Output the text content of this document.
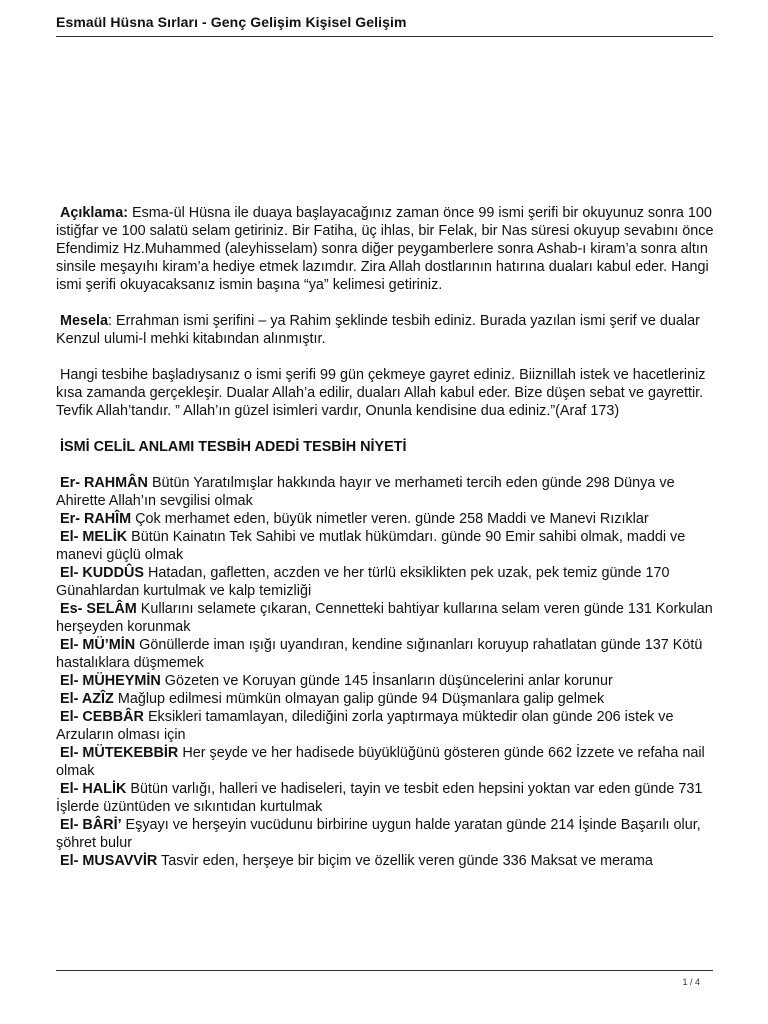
Esmaül Hüsna Sırları - Genç Gelişim Kişisel Gelişim

Açıklama: Esma-ül Hüsna ile duaya başlayacağınız zaman önce 99 ismi şerifi bir okuyunuz sonra 100 istiğfar ve 100 salatü selam getiriniz. Bir Fatiha, üç ihlas, bir Felak, bir Nas süresi okuyup sevabını önce Efendimiz Hz.Muhammed (aleyhisselam) sonra diğer peygamberlere sonra Ashab-ı kiram’a sonra altın sinsile meşayıhı kiram’a hediye etmek lazımdır. Zira Allah dostlarının hatırına duaları kabul eder. Hangi ismi şerifi okuyacaksanız ismin başına “ya” kelimesi getiriniz.

Mesela: Errahman ismi şerifini – ya Rahim şeklinde tesbih ediniz. Burada yazılan ismi şerif ve dualar Kenzul ulumi-l mehki kitabından alınmıştır.

Hangi tesbihe başladıysanız o ismi şerifi 99 gün çekmeye gayret ediniz. Biiznillah istek ve hacetleriniz kısa zamanda gerçekleşir. Dualar Allah’a edilir, duaları Allah kabul eder. Bize düşen sebat ve gayrettir. Tevfik Allah’tandır. ” Allah’ın güzel isimleri vardır, Onunla kendisine dua ediniz.”(Araf 173)

İSMİ CELİL ANLAMI TESBİH ADEDİ TESBİH NİYETİ

Er- RAHMÂN Bütün Yaratılmışlar hakkında hayır ve merhameti tercih eden günde 298 Dünya ve Ahirette Allah’ın sevgilisi olmak

Er- RAHÎM Çok merhamet eden, büyük nimetler veren. günde 258 Maddi ve Manevi Rızıklar

El- MELİK Bütün Kainatın Tek Sahibi ve mutlak hükümdarı. günde 90 Emir sahibi olmak, maddi ve manevi güçlü olmak

El- KUDDÛS Hatadan, gafletten, aczden ve her türlü eksiklikten pek uzak, pek temiz günde 170 Günahlardan kurtulmak ve kalp temizliği

Es- SELÂM Kullarını selamete çıkaran, Cennetteki bahtiyar kullarına selam veren günde 131 Korkulan herşeyden korunmak

El- MÜ’MİN Gönüllerde iman ışığı uyandıran, kendine sığınanları koruyup rahatlatan günde 137 Kötü hastalıklara düşmemek

El- MÜHEYMİN Gözeten ve Koruyan günde 145 İnsanların düşüncelerini anlar korunur

El- AZÎZ Mağlup edilmesi mümkün olmayan galip günde 94 Düşmanlara galip gelmek

El- CEBBÂR Eksikleri tamamlayan, dilediğini zorla yaptırmaya müktedir olan günde 206 istek ve Arzuların olması için

El- MÜTEKEBBİR Her şeyde ve her hadisede büyüklüğünü gösteren günde 662 İzzete ve refaha nail olmak

El- HALİK Bütün varlığı, halleri ve hadiseleri, tayin ve tesbit eden hepsini yoktan var eden günde 731 İşlerde üzüntüden ve sıkıntıdan kurtulmak

El- BÂRİ’ Eşyayı ve herşeyin vucüdunu birbirine uygun halde yaratan günde 214 İşinde Başarılı olur, şöhret bulur

El- MUSAVVİR Tasvir eden, herşeye bir biçim ve özellik veren günde 336 Maksat ve merama

1 / 4
